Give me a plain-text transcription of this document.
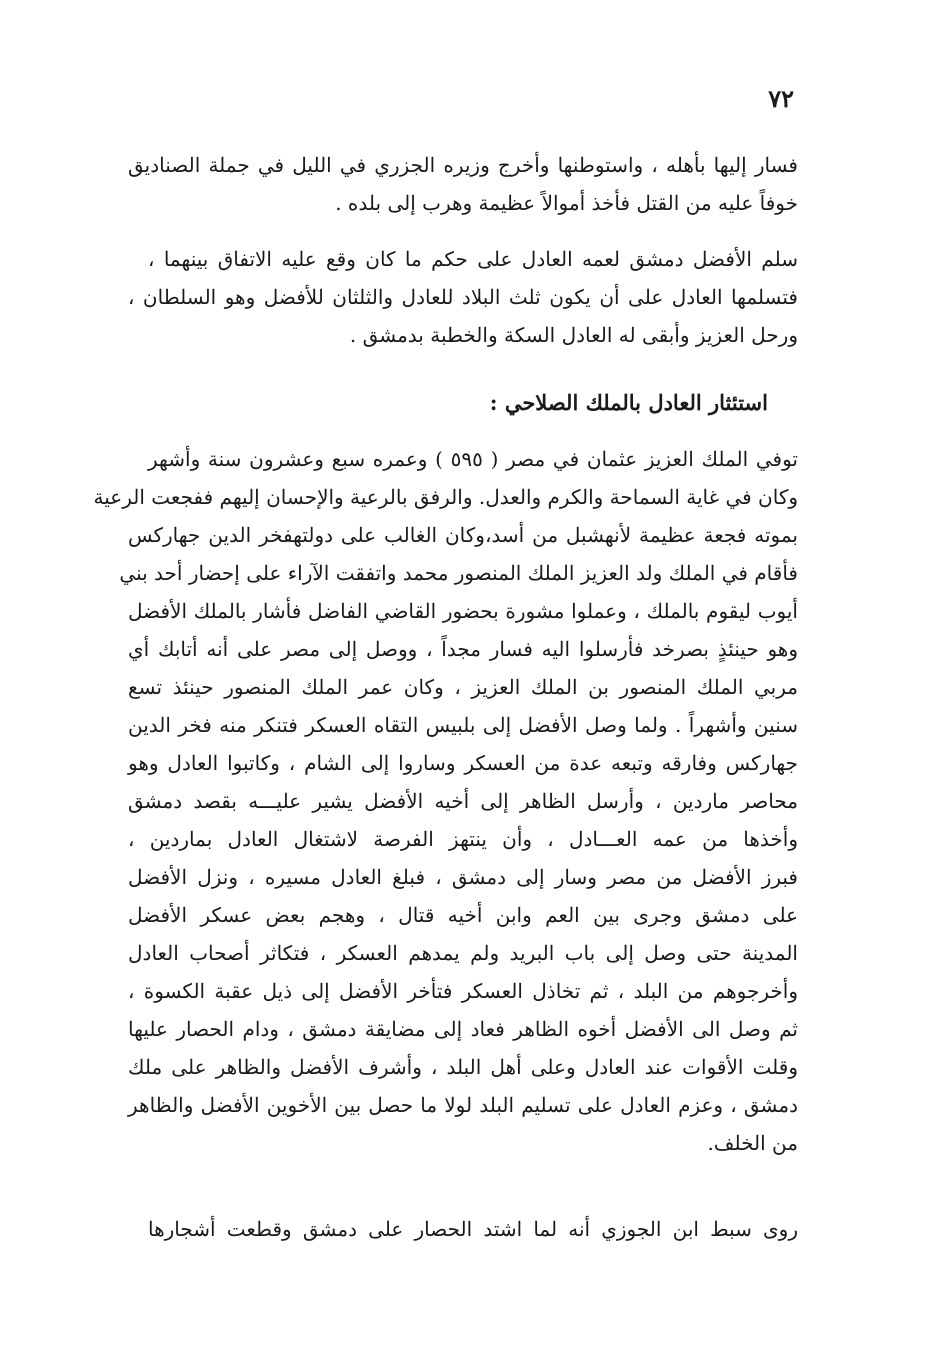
٧٢
فسار إليها بأهله ، واستوطنها وأخرج وزيره الجزري في الليل في جملة الصناديق
خوفاً عليه من القتل فأخذ أموالاً عظيمة وهرب إلى بلده .
سلم الأفضل دمشق لعمه العادل على حكم ما كان وقع عليه الاتفاق بينهما ،
فتسلمها العادل على أن يكون ثلث البلاد للعادل والثلثان للأفضل وهو السلطان ،
ورحل العزيز وأبقى له العادل السكة والخطبة بدمشق .
استئثار العادل بالملك الصلاحي :
توفي الملك العزيز عثمان في مصر ( ٥٩٥ ) وعمره سبع وعشرون سنة وأشهر
وكان في غاية السماحة والكرم والعدل. والرفق بالرعية والإحسان إليهم ففجعت الرعية
بموته فجعة عظيمة لأنهشبل من أسد،وكان الغالب على دولتهفخر الدين جهاركس
فأقام في الملك ولد العزيز الملك المنصور محمد واتفقت الآراء على إحضار أحد بني
أيوب ليقوم بالملك ، وعملوا مشورة بحضور القاضي الفاضل فأشار بالملك الأفضل
وهو حينئذٍ بصرخد فأرسلوا اليه فسار مجداً ، ووصل إلى مصر على أنه أتابك أي
مربي الملك المنصور بن الملك العزيز ، وكان عمر الملك المنصور حينئذ تسع
سنين وأشهراً . ولما وصل الأفضل إلى بلبيس التقاه العسكر فتنكر منه فخر الدين
جهاركس وفارقه وتبعه عدة من العسكر وساروا إلى الشام ، وكاتبوا العادل وهو
محاصر ماردين ، وأرسل الظاهر إلى أخيه الأفضل يشير عليـــه بقصد دمشق
وأخذها من عمه العـــادل ، وأن ينتهز الفرصة لاشتغال العادل بماردين ،
فبرز الأفضل من مصر وسار إلى دمشق ، فبلغ العادل مسيره ، ونزل الأفضل
على دمشق وجرى بين العم وابن أخيه قتال ، وهجم بعض عسكر الأفضل
المدينة حتى وصل إلى باب البريد ولم يمدهم العسكر ، فتكاثر أصحاب العادل
وأخرجوهم من البلد ، ثم تخاذل العسكر فتأخر الأفضل إلى ذيل عقبة الكسوة ،
ثم وصل الى الأفضل أخوه الظاهر فعاد إلى مضايقة دمشق ، ودام الحصار عليها
وقلت الأقوات عند العادل وعلى أهل البلد ، وأشرف الأفضل والظاهر على ملك
دمشق ، وعزم العادل على تسليم البلد لولا ما حصل بين الأخوين الأفضل والظاهر
من الخلف.
روى سبط ابن الجوزي أنه لما اشتد الحصار على دمشق وقطعت أشجارها
